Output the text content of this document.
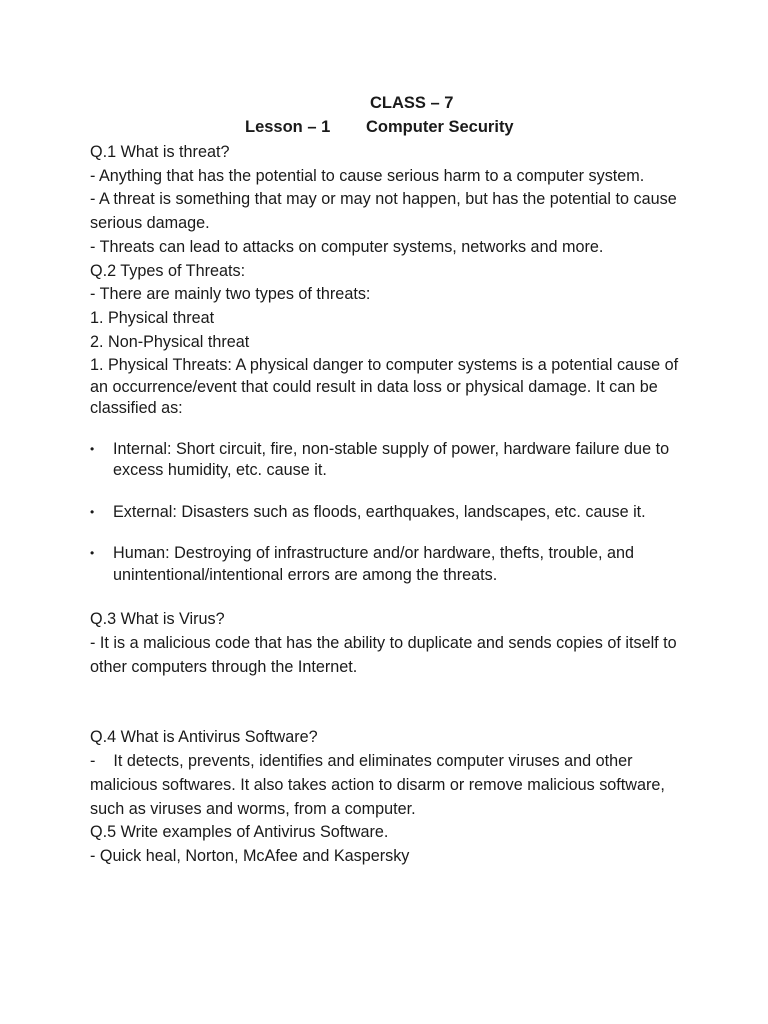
CLASS – 7
Lesson – 1 Computer Security

Q.1 What is threat?

- Anything that has the potential to cause serious harm to a computer system.

- A threat is something that may or may not happen, but has the potential to cause serious damage.

- Threats can lead to attacks on computer systems, networks and more.

Q.2 Types of Threats:

- There are mainly two types of threats:

1. Physical threat

2. Non-Physical threat

1. Physical Threats: A physical danger to computer systems is a potential cause of an occurrence/event that could result in data loss or physical damage. It can be classified as:

• Internal: Short circuit, fire, non-stable supply of power, hardware failure due to excess humidity, etc. cause it.
• External: Disasters such as floods, earthquakes, landscapes, etc. cause it.
• Human: Destroying of infrastructure and/or hardware, thefts, trouble, and unintentional/intentional errors are among the threats.

Q.3 What is Virus?

- It is a malicious code that has the ability to duplicate and sends copies of itself to other computers through the Internet.

Q.4 What is Antivirus Software?

-    It detects, prevents, identifies and eliminates computer viruses and other malicious softwares. It also takes action to disarm or remove malicious software, such as viruses and worms, from a computer.

Q.5 Write examples of Antivirus Software.

- Quick heal, Norton, McAfee and Kaspersky
